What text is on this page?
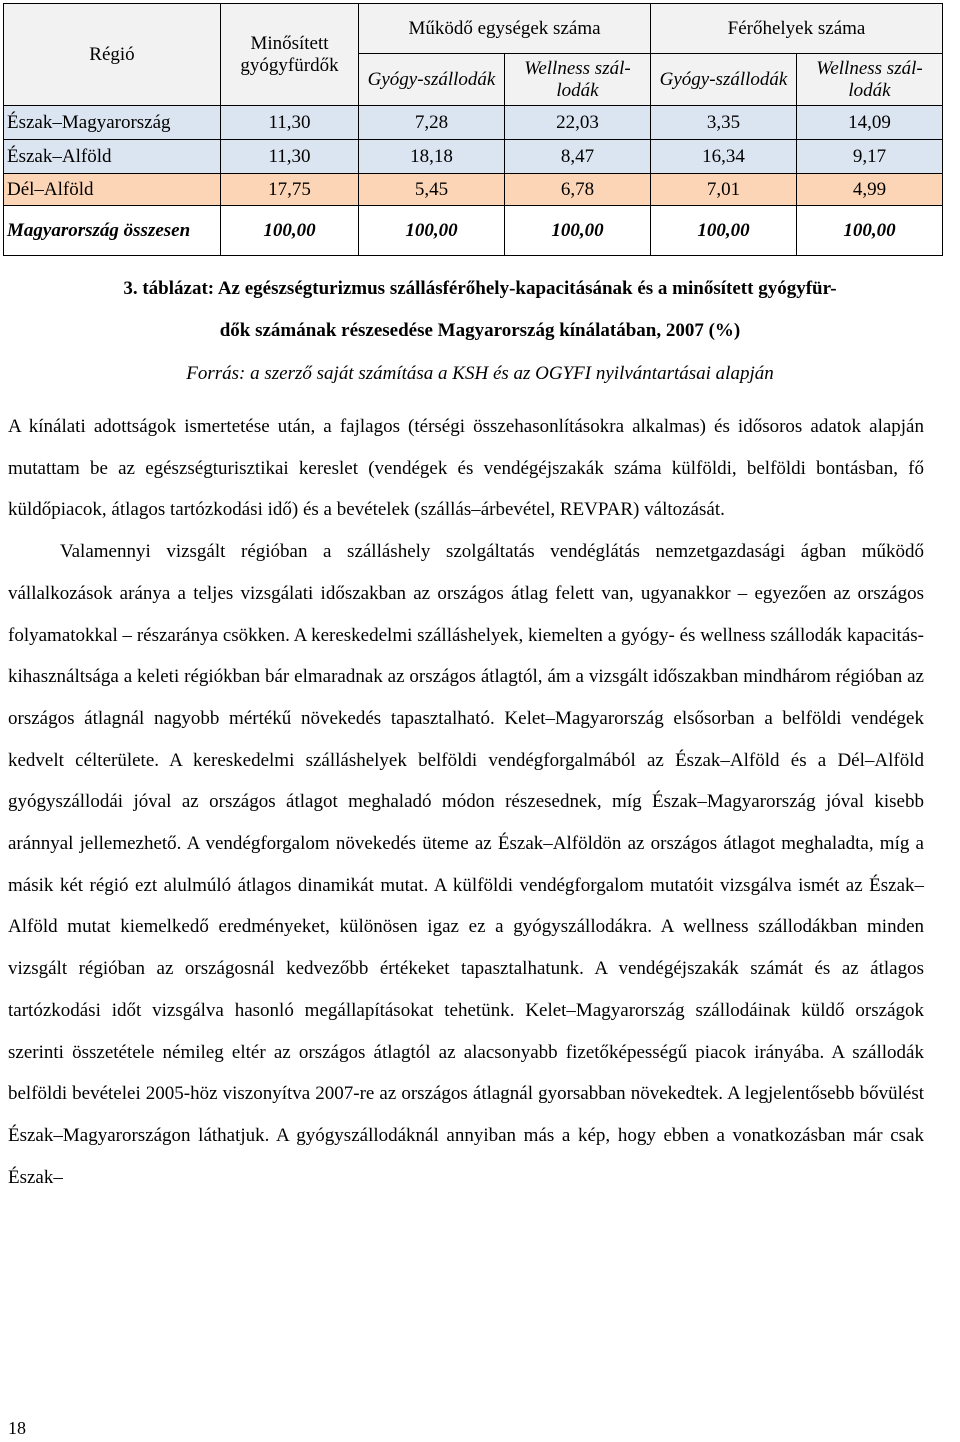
Régió	Minősített gyógyfürdők	Működő egységek száma		Férőhelyek száma	
		Gyógy-szállodák	Wellness szál-lodák	Gyógy-szállodák	Wellness szál-lodák
Észak–Magyarország	11,30	7,28	22,03	3,35	14,09
Észak–Alföld	11,30	18,18	8,47	16,34	9,17
Dél–Alföld	17,75	5,45	6,78	7,01	4,99
Magyarország összesen	100,00	100,00	100,00	100,00	100,00
3. táblázat: Az egészségturizmus szállásférőhely-kapacitásának és a minősített gyógyfür-
dők számának részesedése Magyarország kínálatában, 2007 (%)
Forrás: a szerző saját számítása a KSH és az OGYFI nyilvántartásai alapján

A kínálati adottságok ismertetése után, a fajlagos (térségi összehasonlításokra alkalmas) és idősoros adatok alapján mutattam be az egészségturisztikai kereslet (vendégek és vendégéjszakák száma külföldi, belföldi bontásban, fő küldőpiacok, átlagos tartózkodási idő) és a bevételek (szállás–árbevétel, REVPAR) változását.

Valamennyi vizsgált régióban a szálláshely szolgáltatás vendéglátás nemzetgazdasági ágban működő vállalkozások aránya a teljes vizsgálati időszakban az országos átlag felett van, ugyanakkor – egyezően az országos folyamatokkal – részaránya csökken. A kereskedelmi szálláshelyek, kiemelten a gyógy- és wellness szállodák kapacitás-kihasználtsága a keleti régiókban bár elmaradnak az országos átlagtól, ám a vizsgált időszakban mindhárom régióban az országos átlagnál nagyobb mértékű növekedés tapasztalható. Kelet–Magyarország elsősorban a belföldi vendégek kedvelt célterülete. A kereskedelmi szálláshelyek belföldi vendégforgalmából az Észak–Alföld és a Dél–Alföld gyógyszállodái jóval az országos átlagot meghaladó módon részesednek, míg Észak–Magyarország jóval kisebb aránnyal jellemezhető. A vendégforgalom növekedés üteme az Észak–Alföldön az országos átlagot meghaladta, míg a másik két régió ezt alulmúló átlagos dinamikát mutat. A külföldi vendégforgalom mutatóit vizsgálva ismét az Észak–Alföld mutat kiemelkedő eredményeket, különösen igaz ez a gyógyszállodákra. A wellness szállodákban minden vizsgált régióban az országosnál kedvezőbb értékeket tapasztalhatunk. A vendégéjszakák számát és az átlagos tartózkodási időt vizsgálva hasonló megállapításokat tehetünk. Kelet–Magyarország szállodáinak küldő országok szerinti összetétele némileg eltér az országos átlagtól az alacsonyabb fizetőképességű piacok irányába. A szállodák belföldi bevételei 2005-höz viszonyítva 2007-re az országos átlagnál gyorsabban növekedtek. A legjelentősebb bővülést Észak–Magyarországon láthatjuk. A gyógyszállodáknál annyiban más a kép, hogy ebben a vonatkozásban már csak Észak–

18
